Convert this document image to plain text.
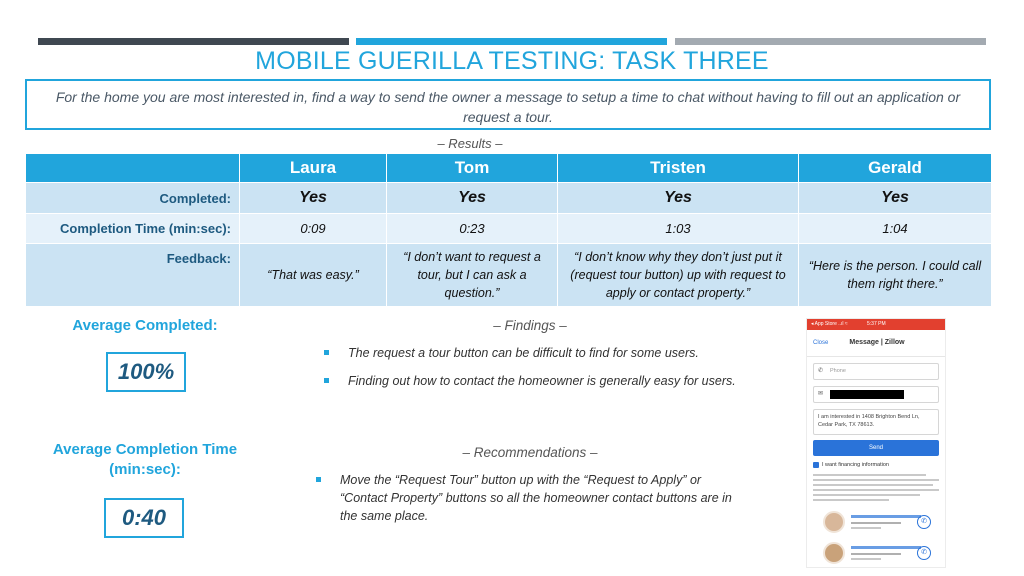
MOBILE GUERILLA TESTING: TASK THREE
For the home you are most interested in, find a way to send the owner a message to setup a time to chat without having to fill out an application or request a tour.
– Results –
	Laura	Tom	Tristen	Gerald
Completed:	Yes	Yes	Yes	Yes
Completion Time (min:sec):	0:09	0:23	1:03	1:04
Feedback:	“That was easy.”	“I don’t want to request a tour, but I can ask a question.”	“I don’t know why they don’t just put it (request tour button) up with request to apply or contact property.”	“Here is the person. I could call them right there.”
Average Completed:
100%
Average Completion Time (min:sec):
0:40
– Findings –
The request a tour button can be difficult to find for some users.
Finding out how to contact the homeowner is generally easy for users.
– Recommendations –
Move the “Request Tour” button up with the “Request to Apply” or “Contact Property” buttons so all the homeowner contact buttons are in the same place.
◂ App Store ..ıl ≈	5:37 PM
Close	Message | Zillow
✆ Phone
✉
I am interested in 1408 Brighton Bend Ln, Cedar Park, TX 78613.
Send
I want financing information
✆
✆
